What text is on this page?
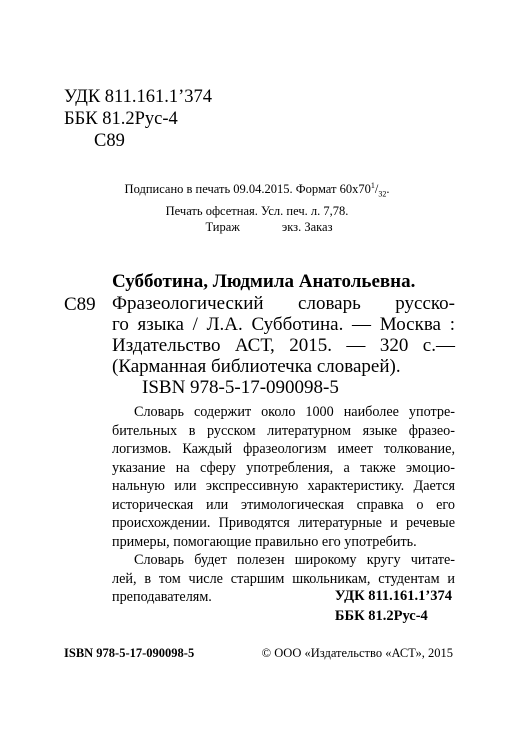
УДК 811.161.1’374
ББК 81.2Рус-4
С89
Подписано в печать 09.04.2015. Формат $60х70^1/_{32}$.
Печать офсетная. Усл. печ. л. 7,78.
Тираж	экз. Заказ
Субботина, Людмила Анатольевна.
С89 Фразеологический словарь русско-
го языка / Л.А. Субботина. — Москва :
Издательство АСТ, 2015. — 320 с.—
(Карманная библиотечка словарей).
ISBN 978-5-17-090098-5
Словарь содержит около 1000 наиболее употре-
бительных в русском литературном языке фразео-
логизмов. Каждый фразеологизм имеет толкование,
указание на сферу употребления, а также эмоцио-
нальную или экспрессивную характеристику. Дается
историческая или этимологическая справка о его
происхождении. Приводятся литературные и речевые
примеры, помогающие правильно его употребить.
Словарь будет полезен широкому кругу читате-
лей, в том числе старшим школьникам, студентам и
преподавателям.	УДК 811.161.1’374
ББК 81.2Рус-4
ISBN 978-5-17-090098-5	© ООО «Издательство «АСТ», 2015
